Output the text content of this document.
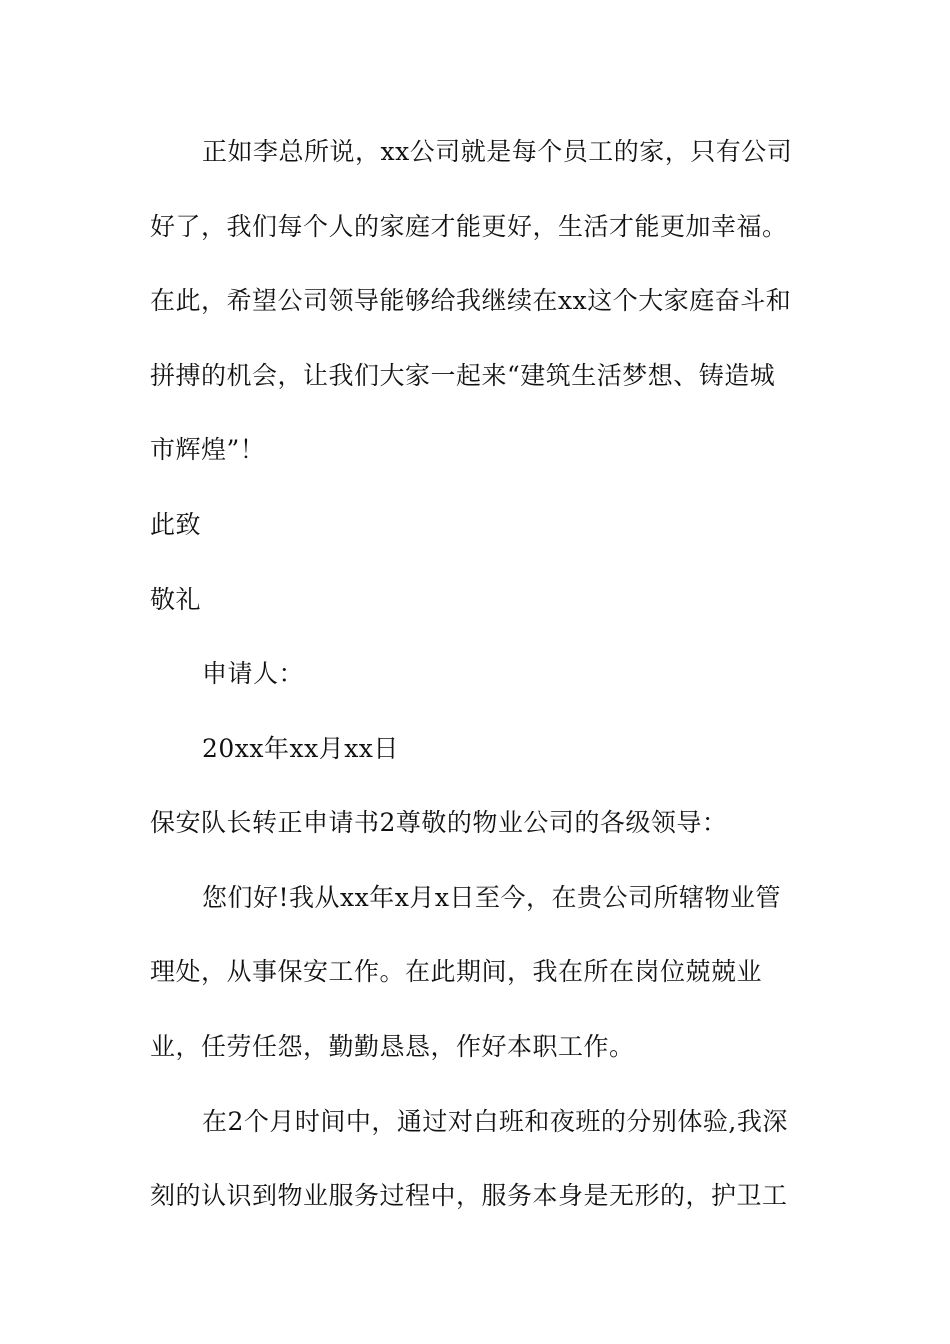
正如李总所说，xx公司就是每个员工的家，只有公司
好了，我们每个人的家庭才能更好，生活才能更加幸福。
在此，希望公司领导能够给我继续在xx这个大家庭奋斗和
拼搏的机会，让我们大家一起来“建筑生活梦想、铸造城
市辉煌”！
此致
敬礼
申请人：
20xx年xx月xx日
保安队长转正申请书2尊敬的物业公司的各级领导：
您们好!我从xx年x月x日至今，在贵公司所辖物业管
理处，从事保安工作。在此期间，我在所在岗位兢兢业
业，任劳任怨，勤勤恳恳，作好本职工作。
在2个月时间中，通过对白班和夜班的分别体验,我深
刻的认识到物业服务过程中，服务本身是无形的，护卫工
